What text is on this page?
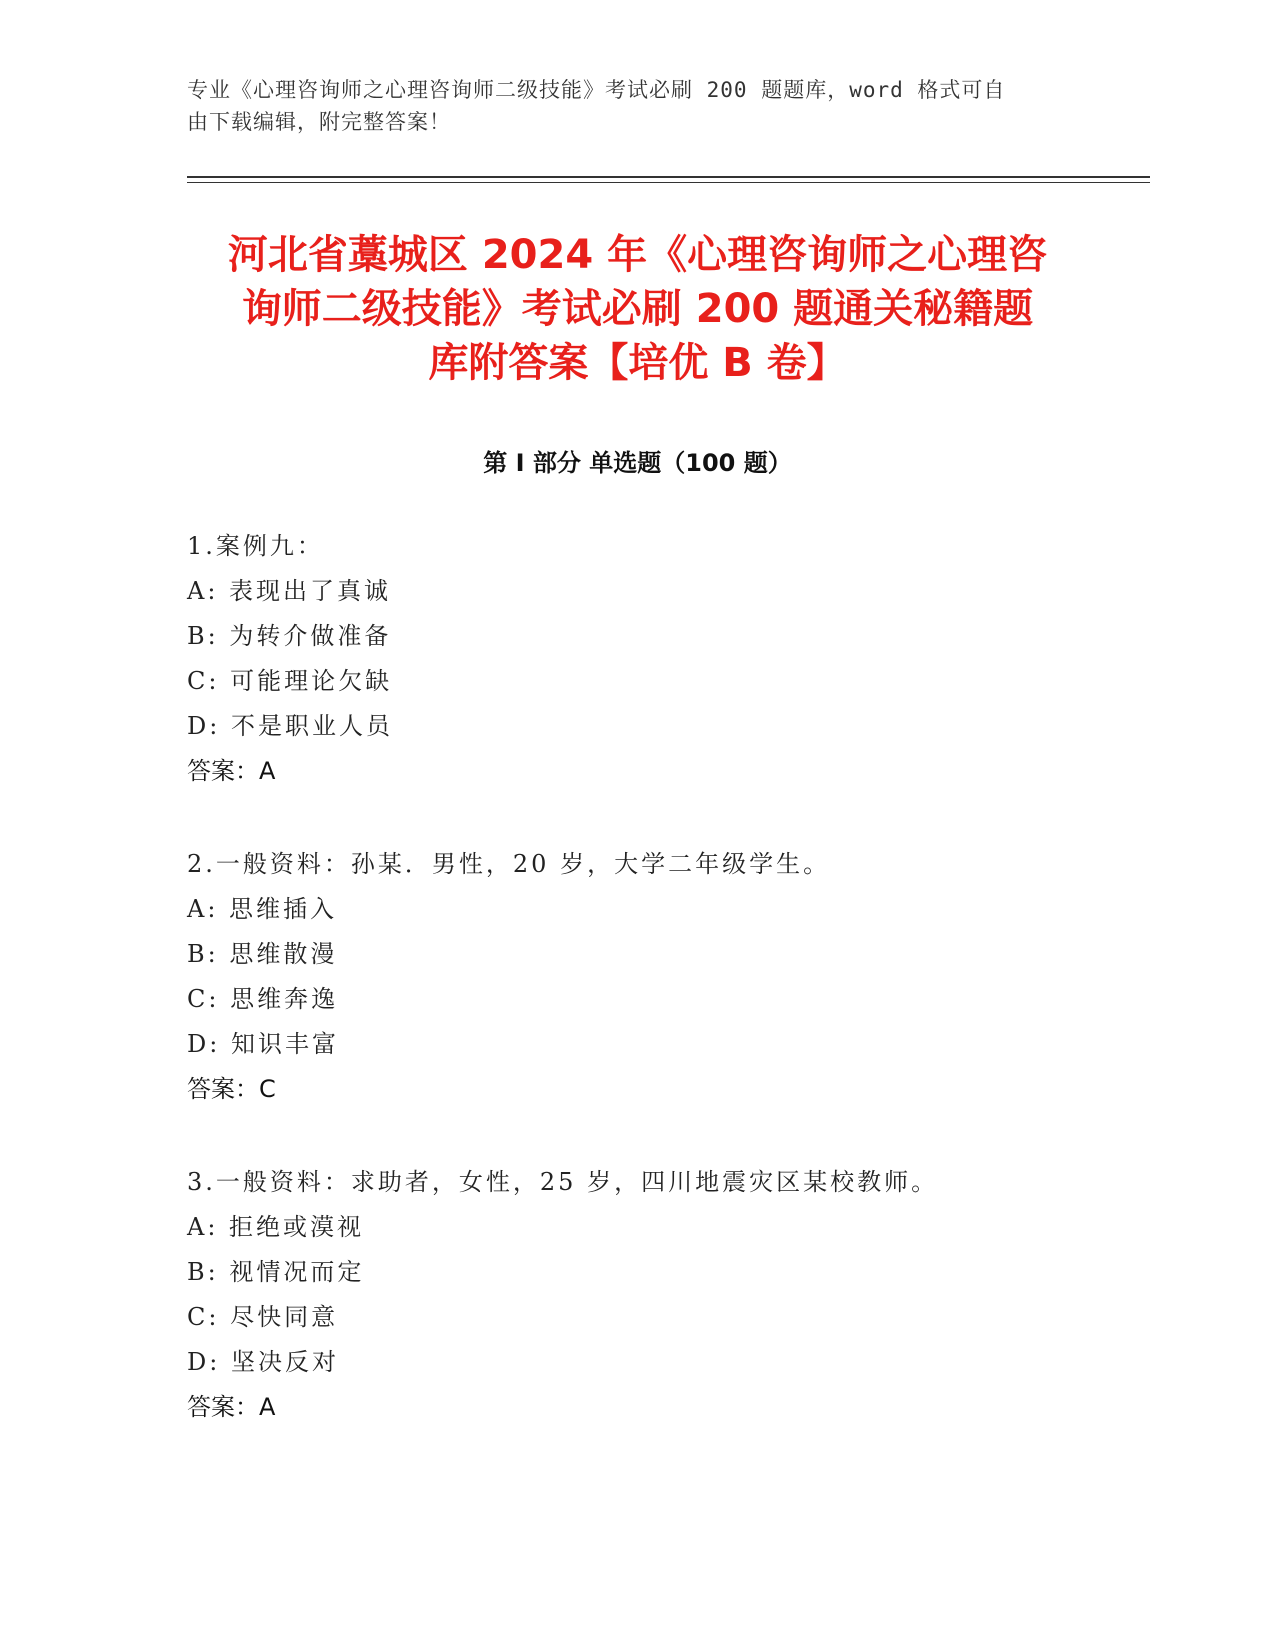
专业《心理咨询师之心理咨询师二级技能》考试必刷 200 题题库，word 格式可自
由下载编辑，附完整答案！
河北省藁城区 2024 年《心理咨询师之心理咨
询师二级技能》考试必刷 200 题通关秘籍题
库附答案【培优 B 卷】
第 I 部分 单选题（100 题）
1.案例九：
A: 表现出了真诚
B: 为转介做准备
C: 可能理论欠缺
D: 不是职业人员
答案：A
2.一般资料：孙某．男性，20 岁，大学二年级学生。
A: 思维插入
B: 思维散漫
C: 思维奔逸
D: 知识丰富
答案：C
3.一般资料：求助者，女性，25 岁，四川地震灾区某校教师。
A: 拒绝或漠视
B: 视情况而定
C: 尽快同意
D: 坚决反对
答案：A
